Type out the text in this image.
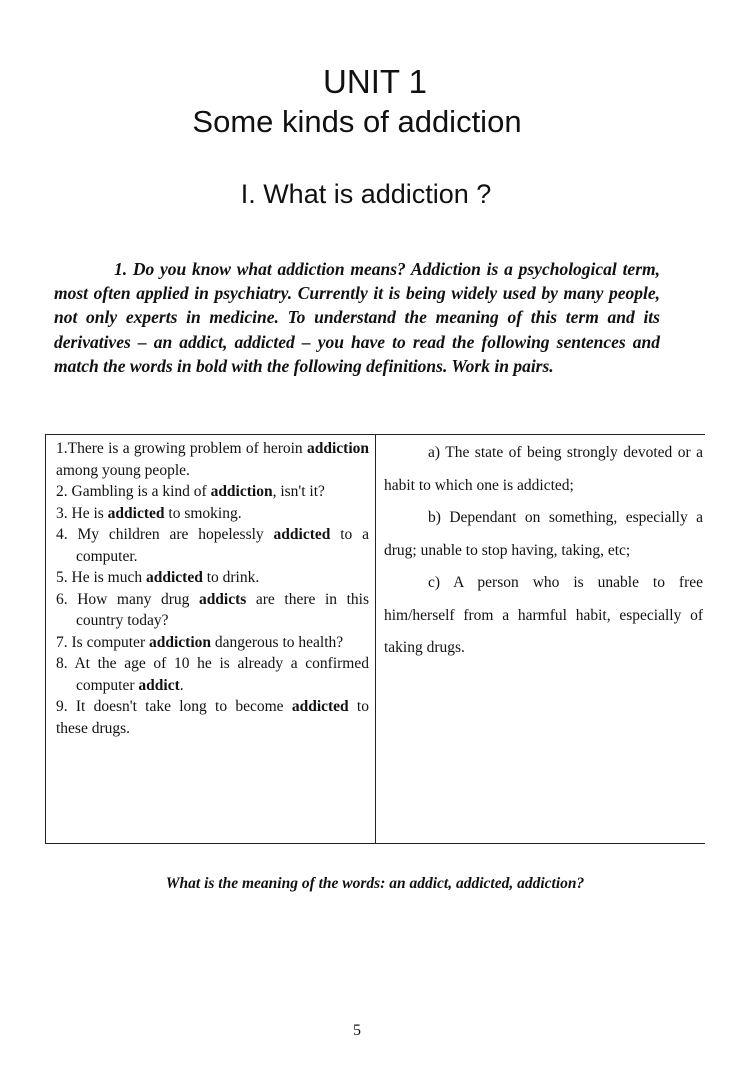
UNIT 1
Some kinds of addiction
I. What is addiction ?

1. Do you know what addiction means? Addiction is a psychological term, most often applied in psychiatry. Currently it is being widely used by many people, not only experts in medicine. To understand the meaning of this term and its derivatives – an addict, addicted – you have to read the following sentences and match the words in bold with the following definitions. Work in pairs.

1.There is a growing problem of heroin addiction among young people.
2. Gambling is a kind of addiction, isn't it?
3. He is addicted to smoking.
4. My children are hopelessly addicted to a computer.
5. He is much addicted to drink.
6. How many drug addicts are there in this country today?
7. Is computer addiction dangerous to health?
8. At the age of 10 he is already a confirmed computer addict.
9. It doesn't take long to become addicted to these drugs.

a) The state of being strongly devoted or a habit to which one is addicted;

b) Dependant on something, especially a drug; unable to stop having, taking, etc;

c) A person who is unable to free him/herself from a harmful habit, especially of taking drugs.

What is the meaning of the words: an addict, addicted, addiction?
5
